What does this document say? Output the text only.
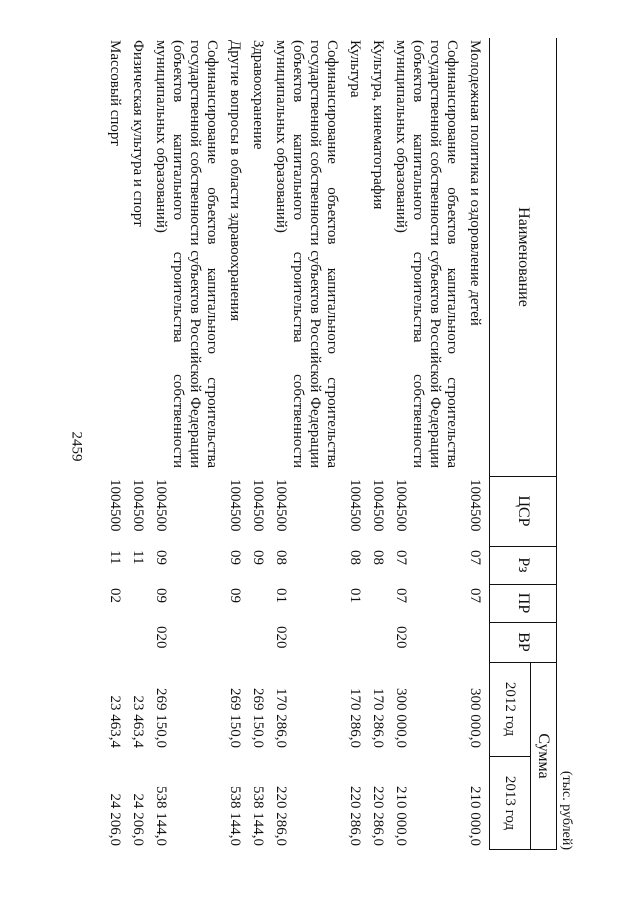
2459
(тыс. рублей)
Наименование
ЦСР
Рз
ПР
ВР
Сумма
2012 год
2013 год
Молодежная политика и оздоровление детей
1004500
07
07
300 000,0
210 000,0
Софинансирование объектов капитального строительства государственной собственности субъектов Российской Федерации (объектов капитального строительства собственности муниципальных образований)
1004500
07
07
020
300 000,0
210 000,0
Культура, кинематография
1004500
08
170 286,0
220 286,0
Культура
1004500
08
01
170 286,0
220 286,0
Софинансирование объектов капитального строительства государственной собственности субъектов Российской Федерации (объектов капитального строительства собственности муниципальных образований)
1004500
08
01
020
170 286,0
220 286,0
Здравоохранение
1004500
09
269 150,0
538 144,0
Другие вопросы в области здравоохранения
1004500
09
09
269 150,0
538 144,0
Софинансирование объектов капитального строительства государственной собственности субъектов Российской Федерации (объектов капитального строительства собственности муниципальных образований)
1004500
09
09
020
269 150,0
538 144,0
Физическая культура и спорт
1004500
11
23 463,4
24 206,0
Массовый спорт
1004500
11
02
23 463,4
24 206,0
